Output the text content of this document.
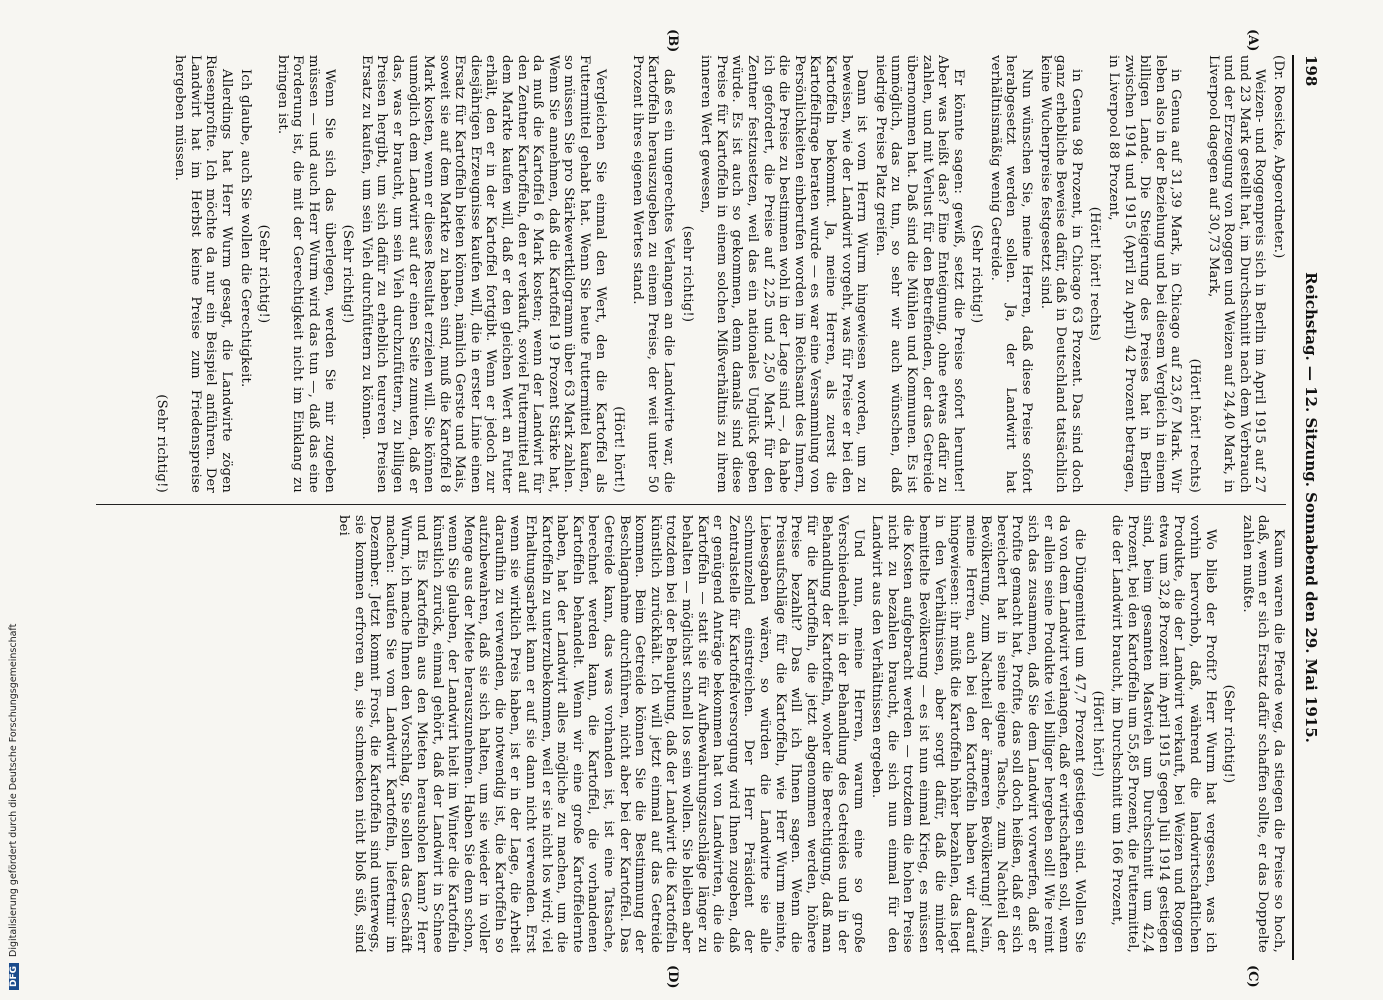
198
Reichstag. — 12. Sitzung. Sonnabend den 29. Mai 1915.
(A)
(B)
(C)
(D)

(Dr. Roesicke, Abgeordneter.)

Weizen- und Roggenpreis sich in Berlin im April 1915 auf 27 und 23 Mark gestellt hat, im Durchschnitt nach dem Verbrauch und der Erzeugung von Roggen und Weizen auf 24,40 Mark, in Liverpool dagegen auf 30,73 Mark,

(Hört! hört! rechts)

in Genua auf 31,39 Mark, in Chicago auf 23,67 Mark. Wir leben also in der Beziehung und bei diesem Vergleich in einem billigen Lande. Die Steigerung des Preises hat in Berlin zwischen 1914 und 1915 (April zu April) 42 Prozent betragen, in Liverpool 88 Prozent,

(Hört! hört! rechts)

in Genua 98 Prozent, in Chicago 63 Prozent. Das sind doch ganz erhebliche Beweise dafür, daß in Deutschland tatsächlich keine Wucherpreise festgesetzt sind.

Nun wünschen Sie, meine Herren, daß diese Preise sofort herabgesetzt werden sollen. Ja, der Landwirt hat verhältnismäßig wenig Getreide.

(Sehr richtig!)

Er könnte sagen: gewiß, setzt die Preise sofort herunter! Aber was heißt das? Eine Enteignung, ohne etwas dafür zu zahlen, und mit Verlust für den Betreffenden, der das Getreide übernommen hat. Daß sind die Mühlen und Kommunen. Es ist unmöglich, das zu tun, so sehr wir auch wünschen, daß niedrige Preise Platz greifen.

Dann ist vom Herrn Wurm hingewiesen worden, um zu beweisen, wie der Landwirt vorgeht, was für Preise er bei den Kartoffeln bekommt. Ja, meine Herren, als zuerst die Kartoffelfrage beraten wurde — es war eine Versammlung von Persönlichkeiten einberufen worden im Reichsamt des Innern, die die Preise zu bestimmen wohl in der Lage sind —, da habe ich gefordert, die Preise auf 2,25 und 2,50 Mark für den Zentner festzusetzen, weil das ein nationales Unglück geben würde. Es ist auch so gekommen, denn damals sind diese Preise für Kartoffeln in einem solchen Mißverhältnis zu ihrem inneren Wert gewesen,

(sehr richtig!)

daß es ein ungerechtes Verlangen an die Landwirte war, die Kartoffeln herauszugeben zu einem Preise, der weit unter 50 Prozent ihres eigenen Wertes stand.

(Hört! hört!)

Vergleichen Sie einmal den Wert, den die Kartoffel als Futtermittel gehabt hat. Wenn Sie heute Futtermittel kaufen, so müssen Sie pro Stärkewertkilogramm über 63 Mark zahlen. Wenn Sie annehmen, daß die Kartoffel 19 Prozent Stärke hat, da muß die Kartoffel 6 Mark kosten; wenn der Landwirt für den Zentner Kartoffeln, den er verkauft, soviel Futtermittel auf dem Markte kaufen will, daß er den gleichen Wert an Futter erhält, den er in der Kartoffel fortgibt. Wenn er jedoch zur diesjährigen Erzeugnisse kaufen will, die in erster Linie einen Ersatz für Kartoffeln bieten können, nämlich Gerste und Mais, soweit sie auf dem Markte zu haben sind, muß die Kartoffel 8 Mark kosten, wenn er dieses Resultat erzielen will. Sie können unmöglich dem Landwirt auf der einen Seite zumuten, daß er das, was er braucht, um sein Vieh durchzufüttern, zu billigen Preisen hergibt, um sich dafür zu erheblich teureren Preisen Ersatz zu kaufen, um sein Vieh durchfüttern zu können.

(Sehr richtig!)

Wenn Sie sich das überlegen, werden Sie mir zugeben müssen — und auch Herr Wurm wird das tun —, daß das eine Forderung ist, die mit der Gerechtigkeit nicht im Einklang zu bringen ist.

(Sehr richtig!)

Ich glaube, auch Sie wollen die Gerechtigkeit.

Allerdings hat Herr Wurm gesagt, die Landwirte zögen Riesenprofite. Ich möchte da nur ein Beispiel anführen. Der Landwirt hat im Herbst keine Preise zum Friedenspreise hergeben müssen.

(Sehr richtig!)

Kaum waren die Pferde weg, da stiegen die Preise so hoch, daß, wenn er sich Ersatz dafür schaffen sollte, er das Doppelte zahlen mußte.

(Sehr richtig!)

Wo blieb der Profit? Herr Wurm hat vergessen, was ich vorhin hervorhob, daß, während die landwirtschaftlichen Produkte, die der Landwirt verkauft, bei Weizen und Roggen etwa um 32,8 Prozent im April 1915 gegen Juli 1914 gestiegen sind, beim gesamten Mastvieh um Durchschnitt um 42,4 Prozent, bei den Kartoffeln um 55,85 Prozent, die Futtermittel, die der Landwirt braucht, im Durchschnitt um 166 Prozent,

(Hört! hört!)

die Düngemittel um 47,7 Prozent gestiegen sind. Wollen Sie da von dem Landwirt verlangen, daß er wirtschaften soll, wenn er allein seine Produkte viel billiger hergeben soll! Wie reimt sich das zusammen, daß Sie dem Landwirt vorwerfen, daß er Profite gemacht hat, Profite, das soll doch heißen, daß er sich bereichert hat in seine eigene Tasche, zum Nachteil der Bevölkerung, zum Nachteil der ärmeren Bevölkerung! Nein, meine Herren, auch bei den Kartoffeln haben wir darauf hingewiesen: ihr müßt die Kartoffeln höher bezahlen, das liegt in den Verhältnissen, aber sorgt dafür, daß die minder bemittelte Bevölkerung — es ist nun einmal Krieg, es müssen die Kosten aufgebracht werden — trotzdem die hohen Preise nicht zu bezahlen braucht, die sich nun einmal für den Landwirt aus den Verhältnissen ergeben.

Und nun, meine Herren, warum eine so große Verschiedenheit in der Behandlung des Getreides und in der Behandlung der Kartoffeln, woher die Berechtigung, daß man für die Kartoffeln, die jetzt abgenommen werden, höhere Preise bezahlt? Das will ich Ihnen sagen. Wenn die Preisaufschläge für die Kartoffeln, wie Herr Wurm meinte, Liebesgaben wären, so würden die Landwirte sie alle schmunzelnd einstreichen. Der Herr Präsident der Zentralstelle für Kartoffelversorgung wird Ihnen zugeben, daß er genügend Anträge bekommen hat von Landwirten, die die Kartoffeln — statt sie für Aufbewahrungszuschläge länger zu behalten — möglichst schnell los sein wollen. Sie bleiben aber trotzdem bei der Behauptung, daß der Landwirt die Kartoffeln künstlich zurückhält. Ich will jetzt einmal auf das Getreide kommen. Beim Getreide können Sie die Bestimmung der Beschlagnahme durchführen, nicht aber bei der Kartoffel. Das Getreide kann, das was vorhanden ist, ist eine Tatsache, berechnet werden kann, die Kartoffel, die vorhandenen Kartoffeln behandelt. Wenn wir eine große Kartoffelernte haben, hat der Landwirt alles mögliche zu machen, um die Kartoffeln zu unterzubekommen, weil er sie nicht los wird; viel Erhaltungsarbeit kann er auf sie dann nicht verwenden. Erst wenn sie wirklich Preis haben, ist er in der Lage, die Arbeit daraufhin zu verwenden, die notwendig ist, die Kartoffeln so aufzubewahren, daß sie sich halten, um sie wieder in voller Menge aus der Miete herauszunehmen. Haben Sie denn schon, wenn Sie glauben, der Landwirt hielt im Winter die Kartoffeln künstlich zurück, einmal gehört, daß der Landwirt in Schnee und Eis Kartoffeln aus den Mieten herausholen kann? Herr Wurm, ich mache Ihnen den Vorschlag, Sie sollen das Geschäft machen: kaufen Sie vom Landwirt Kartoffeln, liefertmir im Dezember. Jetzt kommt Frost, die Kartoffeln sind unterwegs, sie kommen erfroren an, sie schmecken nicht bloß süß, sind bei

DFGDigitalisierung gefördert durch die Deutsche Forschungsgemeinschaft
